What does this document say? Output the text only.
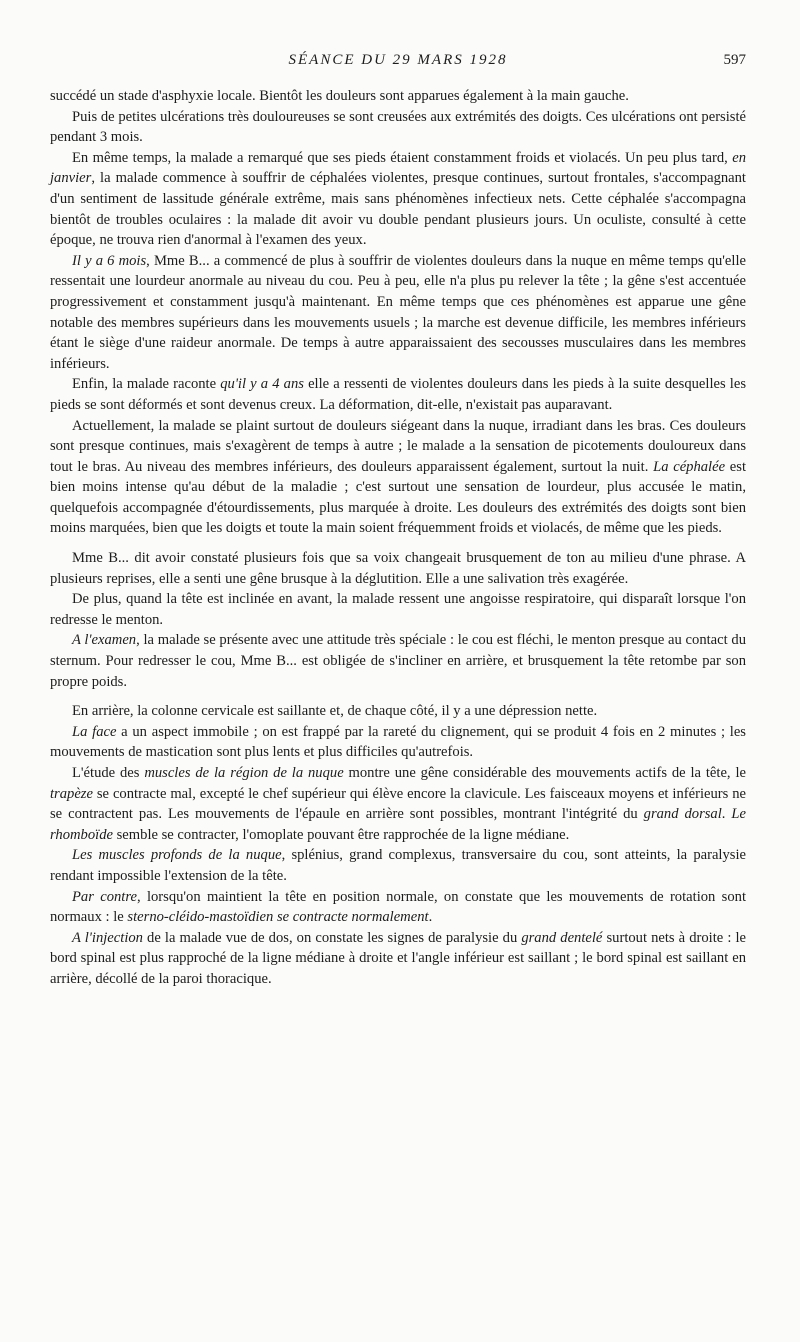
SÉANCE DU 29 MARS 1928	597

succédé un stade d'asphyxie locale. Bientôt les douleurs sont apparues également à la main gauche.

Puis de petites ulcérations très douloureuses se sont creusées aux extrémités des doigts. Ces ulcérations ont persisté pendant 3 mois.

En même temps, la malade a remarqué que ses pieds étaient constamment froids et violacés. Un peu plus tard, en janvier, la malade commence à souffrir de céphalées violentes, presque continues, surtout frontales, s'accompagnant d'un sentiment de lassitude générale extrême, mais sans phénomènes infectieux nets. Cette céphalée s'accompagna bientôt de troubles oculaires : la malade dit avoir vu double pendant plusieurs jours. Un oculiste, consulté à cette époque, ne trouva rien d'anormal à l'examen des yeux.

Il y a 6 mois, Mme B... a commencé de plus à souffrir de violentes douleurs dans la nuque en même temps qu'elle ressentait une lourdeur anormale au niveau du cou. Peu à peu, elle n'a plus pu relever la tête ; la gêne s'est accentuée progressivement et constamment jusqu'à maintenant. En même temps que ces phénomènes est apparue une gêne notable des membres supérieurs dans les mouvements usuels ; la marche est devenue difficile, les membres inférieurs étant le siège d'une raideur anormale. De temps à autre apparaissaient des secousses musculaires dans les membres inférieurs.

Enfin, la malade raconte qu'il y a 4 ans elle a ressenti de violentes douleurs dans les pieds à la suite desquelles les pieds se sont déformés et sont devenus creux. La déformation, dit-elle, n'existait pas auparavant.

Actuellement, la malade se plaint surtout de douleurs siégeant dans la nuque, irradiant dans les bras. Ces douleurs sont presque continues, mais s'exagèrent de temps à autre ; le malade a la sensation de picotements douloureux dans tout le bras. Au niveau des membres inférieurs, des douleurs apparaissent également, surtout la nuit. La céphalée est bien moins intense qu'au début de la maladie ; c'est surtout une sensation de lourdeur, plus accusée le matin, quelquefois accompagnée d'étourdissements, plus marquée à droite. Les douleurs des extrémités des doigts sont bien moins marquées, bien que les doigts et toute la main soient fréquemment froids et violacés, de même que les pieds.

Mme B... dit avoir constaté plusieurs fois que sa voix changeait brusquement de ton au milieu d'une phrase. A plusieurs reprises, elle a senti une gêne brusque à la déglutition. Elle a une salivation très exagérée.

De plus, quand la tête est inclinée en avant, la malade ressent une angoisse respiratoire, qui disparaît lorsque l'on redresse le menton.

A l'examen, la malade se présente avec une attitude très spéciale : le cou est fléchi, le menton presque au contact du sternum. Pour redresser le cou, Mme B... est obligée de s'incliner en arrière, et brusquement la tête retombe par son propre poids.

En arrière, la colonne cervicale est saillante et, de chaque côté, il y a une dépression nette.

La face a un aspect immobile ; on est frappé par la rareté du clignement, qui se produit 4 fois en 2 minutes ; les mouvements de mastication sont plus lents et plus difficiles qu'autrefois.

L'étude des muscles de la région de la nuque montre une gêne considérable des mouvements actifs de la tête, le trapèze se contracte mal, excepté le chef supérieur qui élève encore la clavicule. Les faisceaux moyens et inférieurs ne se contractent pas. Les mouvements de l'épaule en arrière sont possibles, montrant l'intégrité du grand dorsal. Le rhomboïde semble se contracter, l'omoplate pouvant être rapprochée de la ligne médiane.

Les muscles profonds de la nuque, splénius, grand complexus, transversaire du cou, sont atteints, la paralysie rendant impossible l'extension de la tête.

Par contre, lorsqu'on maintient la tête en position normale, on constate que les mouvements de rotation sont normaux : le sterno-cléido-mastoïdien se contracte normalement.

A l'injection de la malade vue de dos, on constate les signes de paralysie du grand dentelé surtout nets à droite : le bord spinal est plus rapproché de la ligne médiane à droite et l'angle inférieur est saillant ; le bord spinal est saillant en arrière, décollé de la paroi thoracique.
